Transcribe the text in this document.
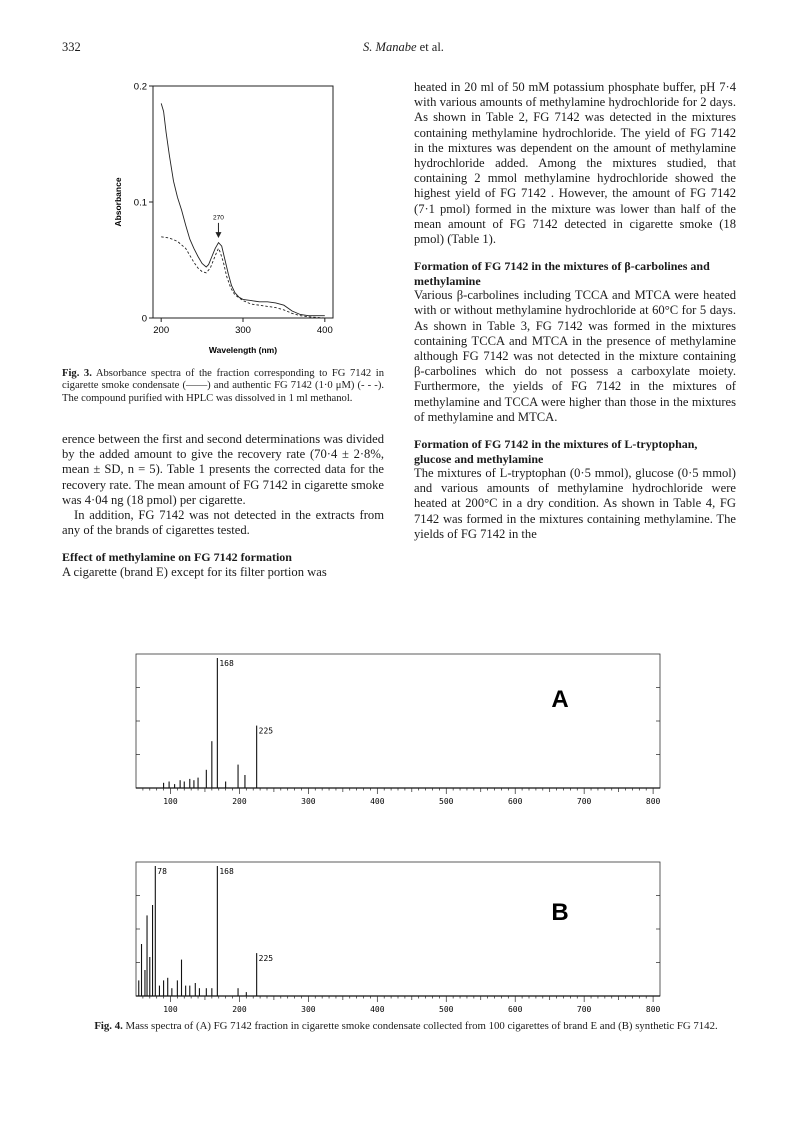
332	S. Manabe et al.
0
0.1
0.2
200	300	400
Wavelength (nm)
Absorbance	270
Fig. 3. Absorbance spectra of the fraction corresponding to FG 7142 in cigarette smoke condensate (——) and authentic FG 7142 (1·0 μM) (- - -). The compound purified with HPLC was dissolved in 1 ml methanol.

erence between the first and second determinations was divided by the added amount to give the recovery rate (70·4 ± 2·8%, mean ± SD, n = 5). Table 1 presents the corrected data for the recovery rate. The mean amount of FG 7142 in cigarette smoke was 4·04 ng (18 pmol) per cigarette.

In addition, FG 7142 was not detected in the extracts from any of the brands of cigarettes tested.

Effect of methylamine on FG 7142 formation

A cigarette (brand E) except for its filter portion was

heated in 20 ml of 50 mM potassium phosphate buffer, pH 7·4 with various amounts of methylamine hydrochloride for 2 days. As shown in Table 2, FG 7142 was detected in the mixtures containing methylamine hydrochloride. The yield of FG 7142 in the mixtures was dependent on the amount of methylamine hydrochloride added. Among the mixtures studied, that containing 2 mmol methylamine hydrochloride showed the highest yield of FG 7142 . However, the amount of FG 7142 (7·1 pmol) formed in the mixture was lower than half of the mean amount of FG 7142 detected in cigarette smoke (18 pmol) (Table 1).

Formation of FG 7142 in the mixtures of β-carbolines and methylamine

Various β-carbolines including TCCA and MTCA were heated with or without methylamine hydrochloride at 60°C for 5 days. As shown in Table 3, FG 7142 was formed in the mixtures containing TCCA and MTCA in the presence of methylamine although FG 7142 was not detected in the mixture containing β-carbolines which do not possess a carboxylate moiety. Furthermore, the yields of FG 7142 in the mixtures of methylamine and TCCA were higher than those in the mixtures of methylamine and MTCA.

Formation of FG 7142 in the mixtures of L-tryptophan, glucose and methylamine

The mixtures of L-tryptophan (0·5 mmol), glucose (0·5 mmol) and various amounts of methylamine hydrochloride were heated at 200°C in a dry condition. As shown in Table 4, FG 7142 was formed in the mixtures containing methylamine. The yields of FG 7142 in the

100	200	300	400	500	600	700	800
168
225
A
100	200	300	400	500	600	700	800
78	168
225
B
Fig. 4. Mass spectra of (A) FG 7142 fraction in cigarette smoke condensate collected from 100 cigarettes of brand E and (B) synthetic FG 7142.
